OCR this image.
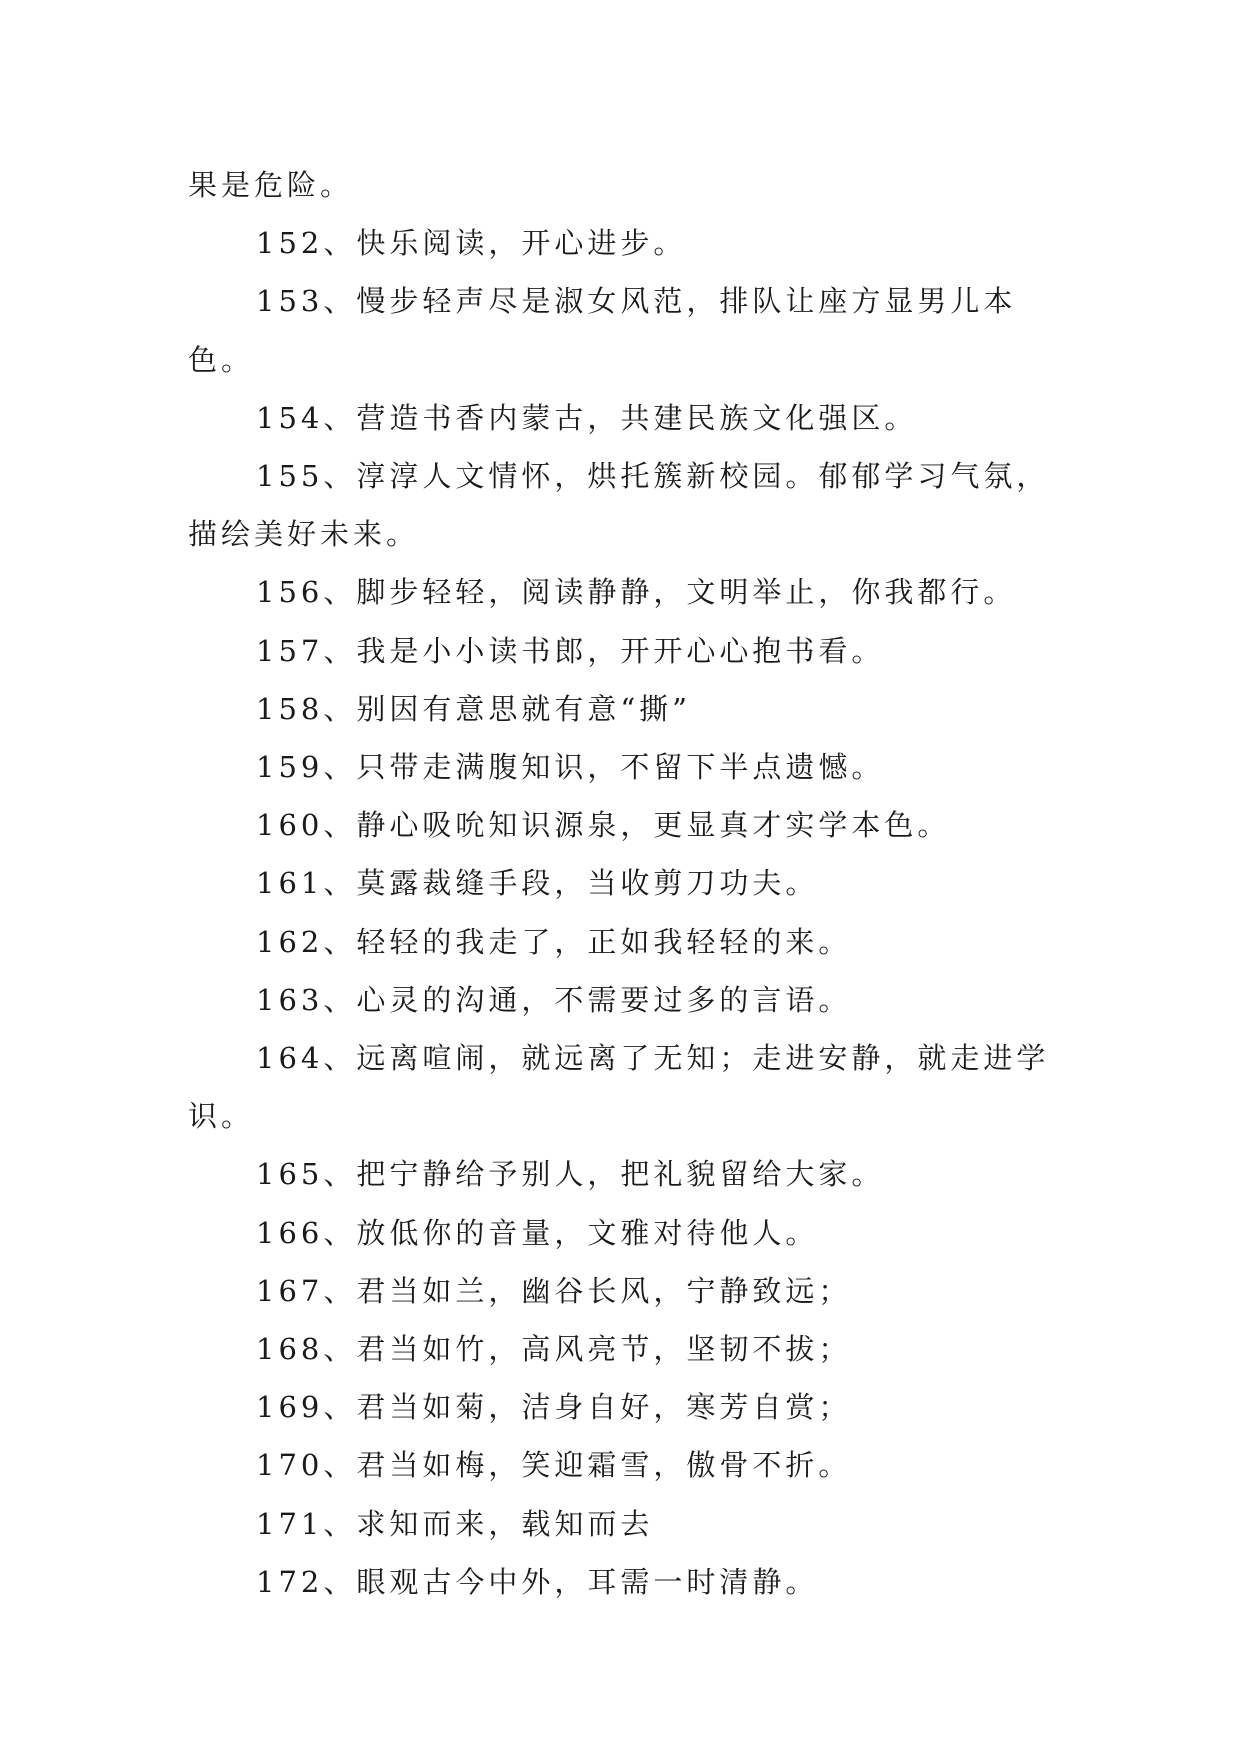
果是危险。

152、快乐阅读，开心进步。

153、慢步轻声尽是淑女风范，排队让座方显男儿本色。

154、营造书香内蒙古，共建民族文化强区。

155、淳淳人文情怀，烘托簇新校园。郁郁学习气氛，描绘美好未来。

156、脚步轻轻，阅读静静，文明举止，你我都行。

157、我是小小读书郎，开开心心抱书看。

158、别因有意思就有意“撕”

159、只带走满腹知识，不留下半点遗憾。

160、静心吸吮知识源泉，更显真才实学本色。

161、莫露裁缝手段，当收剪刀功夫。

162、轻轻的我走了，正如我轻轻的来。

163、心灵的沟通，不需要过多的言语。

164、远离喧闹，就远离了无知；走进安静，就走进学识。

165、把宁静给予别人，把礼貌留给大家。

166、放低你的音量，文雅对待他人。

167、君当如兰，幽谷长风，宁静致远；

168、君当如竹，高风亮节，坚韧不拔；

169、君当如菊，洁身自好，寒芳自赏；

170、君当如梅，笑迎霜雪，傲骨不折。

171、求知而来，载知而去

172、眼观古今中外，耳需一时清静。
